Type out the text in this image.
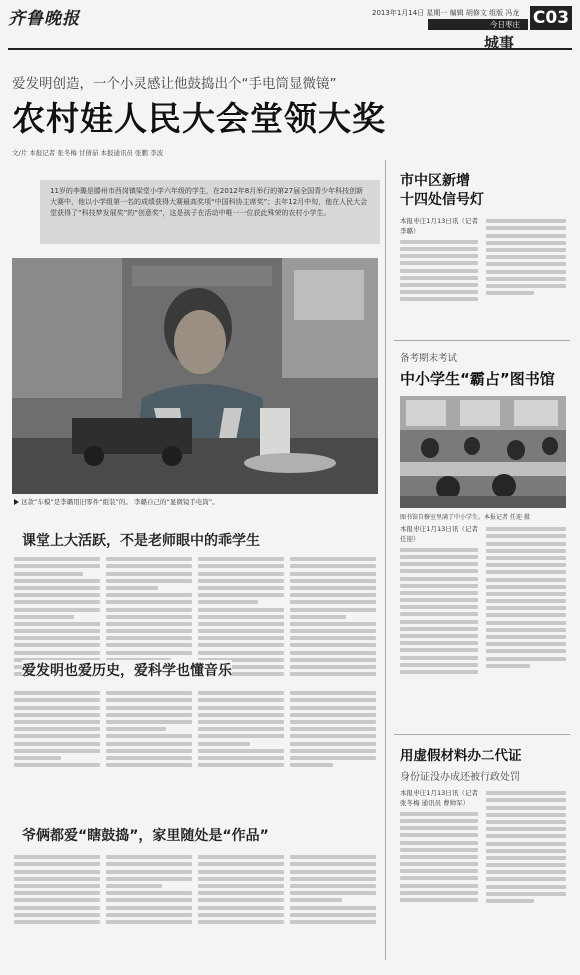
齐鲁晚报	2013年1月14日 星期一 编辑 胡修文 组版 冯龙
今日枣庄 C03
城事
爱发明创造，一个小灵感让他鼓捣出个“手电筒显微镜”
农村娃人民大会堂领大奖
文/片 本报记者 张冬梅 甘倩茹 本报通讯员 张鹏 李波
11岁的李璐是滕州市西岗镇梁堂小学六年级的学生，在2012年8月举行的第27届全国青少年科技创新大赛中，他以小学组第一名的成绩获得大赛最高奖项“中国科协主席奖”；去年12月中旬，他在人民大会堂获得了“科技梦发展奖”的“创意奖”，这是孩子在活动中唯一一位获此殊荣的农村小学生。
这款“车模”是李璐用旧零件“组装”的。 李璐自己的“显微镜手电筒”。
课堂上大活跃，不是老师眼中的乖学生
爱发明也爱历史，爱科学也懂音乐
爷俩都爱“瞎鼓捣”，家里随处是“作品”
市中区新增
十四处信号灯
本报枣庄1月13日讯（记者 李璐）
备考期末考试
中小学生“霸占”图书馆
图书馆自修室里满了中小学生。本报记者 任迎 摄
本报枣庄1月13日讯（记者 任迎）
用虚假材料办二代证
身份证没办成还被行政处罚
本报枣庄1月13日讯（记者 张冬梅 通讯员 曹帅军）
